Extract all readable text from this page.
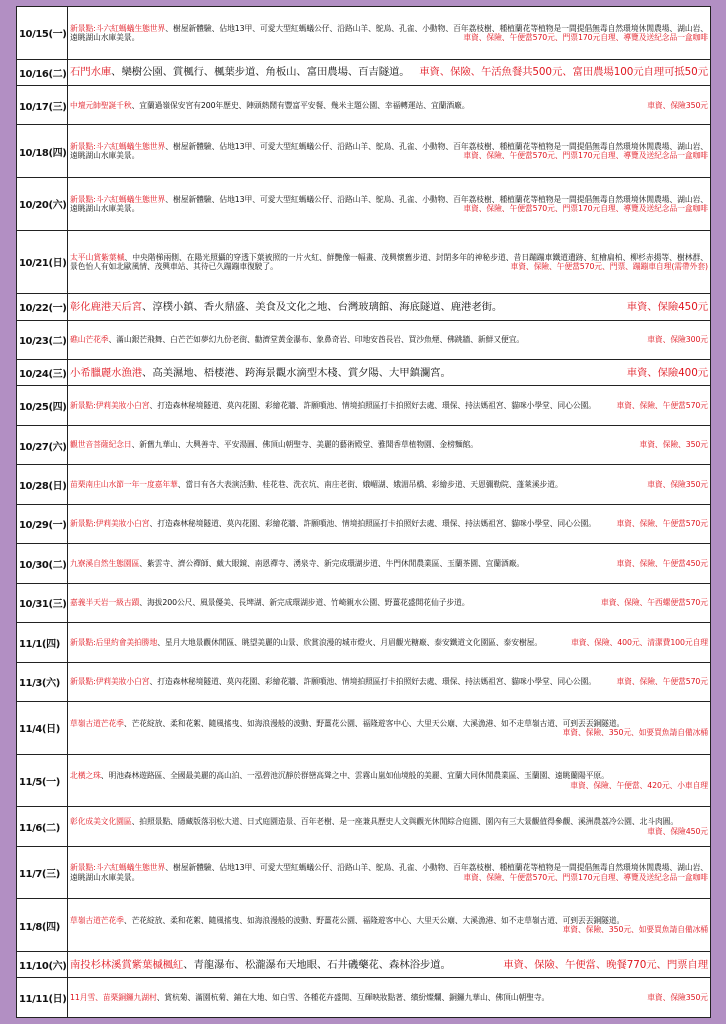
10/15(一)	新景點:斗六紅螞蟻生態世界、樹屋新體驗、佔地13甲、可愛大型紅螞蟻公仔、沿路山羊、鴕鳥、孔雀、小動物、百年荔枝樹、種植蘭花等植物是一間提倡無毒自然環境休閒農場、湖山岩、遠眺湖山水庫美景。 車資、保險、午便當570元、門票170元自理、導覽及送紀念品一盒咖啡

10/16(二)	石門水庫、欒樹公園、賞楓行、楓葉步道、角板山、富田農場、百吉隧道。 車資、保險、午活魚餐共500元、富田農場100元自理可抵50元

10/17(三)	中壇元帥聖誕千秋、宜蘭過嶺保安宮有200年歷史、陣頭熱鬧有豐富平安餐、幾米主題公園、幸福轉運站、宜蘭酒廠。 車資、保險350元

10/18(四)	新景點:斗六紅螞蟻生態世界、樹屋新體驗、佔地13甲、可愛大型紅螞蟻公仔、沿路山羊、鴕鳥、孔雀、小動物、百年荔枝樹、種植蘭花等植物是一間提倡無毒自然環境休閒農場、湖山岩、遠眺湖山水庫美景。 車資、保險、午便當570元、門票170元自理、導覽及送紀念品一盒咖啡

10/20(六)	新景點:斗六紅螞蟻生態世界、樹屋新體驗、佔地13甲、可愛大型紅螞蟻公仔、沿路山羊、鴕鳥、孔雀、小動物、百年荔枝樹、種植蘭花等植物是一間提倡無毒自然環境休閒農場、湖山岩、遠眺湖山水庫美景。 車資、保險、午便當570元、門票170元自理、導覽及送紀念品一盒咖啡

10/21(日)	太平山賞紫葉槭、中央階梯兩側、在陽光照攝的穿透下葉被照的一片火紅、鮮艷像一幅畫、茂興懷舊步道、封閉多年的神秘步道、昔日蹦蹦車鐵道遺跡、紅檜扁柏、柳杉赤揚等、樹林群、景色怡人有如北歐風情、茂興車站、其待已久蹦蹦車復駛了。 車資、保險、午便當570元、門票、蹦蹦車自理(需帶外套)

10/22(一)	彰化鹿港天后宮、淳樸小鎮、香火鼎盛、美食及文化之地、台灣玻璃館、海底隧道、鹿港老街。 車資、保險450元

10/23(二)	礁山芒花季、滿山銀芒飛舞、白芒芒如夢幻九份老街、勸濟堂黃金瀑布、象鼻奇岩、印地安酋長岩、買沙魚煙、佛跳牆、新鮮又便宜。 車資、保險300元

10/24(三)	小希臘麗水漁港、高美濕地、梧棲港、跨海景觀水滴型木棧、賞夕陽、大甲鎮瀾宮。 車資、保險400元

10/25(四)	新景點:伊莉美妝小白宮、打造森林秘境隧道、莫內花園、彩繪花牆、許願噴池、情境拍照區打卡拍照好去處、環保、持法媽祖宮、貓咪小學堂、同心公園。 車資、保險、午便當570元

10/27(六)	觀世音菩薩紀念日、新舊九華山、大興善寺、平安湯圓、佛頂山朝聖寺、美麗的藝術殿堂、雅聞香草植物園、金榜麵館。 車資、保險、350元

10/28(日)	苗栗南庄山水節一年一度嘉年華、當日有各大表演活動、桂花巷、洗衣坑、南庄老街、娥嵋湖、娥湄吊橋、彩繪步道、天恩彌勒院、蓬萊溪步道。 車資、保險350元

10/29(一)	新景點:伊莉美妝小白宮、打造森林秘境隧道、莫內花園、彩繪花牆、許願噴池、情境拍照區打卡拍照好去處、環保、持法媽祖宮、貓咪小學堂、同心公園。 車資、保險、午便當570元

10/30(二)	九寮溪自然生態園區、紫雲寺、濟公禪師、戴大眼鏡、南恩禪寺、湧泉寺、新完成環湖步道、牛門休閒農業區、玉蘭茶園、宜蘭酒廠。 車資、保險、午便當450元

10/31(三)	嘉義半天岩一級古蹟、海拔200公尺、風景優美、長埤湖、新完成環湖步道、竹崎親水公園、野薑花盛開花仙子步道。 車資、保險、午西螺便當570元

11/1(四)	新景點:后里約會美拍勝地、星月大地景觀休閒區、眺望美麗的山景、欣賞浪漫的城市燈火、月眉觀光糖廠、泰安鐵道文化園區、泰安樹屋。 車資、保險、400元、清潔費100元自理

11/3(六)	新景點:伊莉美妝小白宮、打造森林秘境隧道、莫內花園、彩繪花牆、許願噴池、情境拍照區打卡拍照好去處、環保、持法媽祖宮、貓咪小學堂、同心公園。 車資、保險、午便當570元

11/4(日)	草嶺古道芒花季、芒花綻放、柔和花絮、隨風搖曳、如海浪漫般的波動、野薑花公園、福隆遊客中心、大里天公廟、大溪漁港、如不走草嶺古道、可到丟丟銅隧道。
車資、保險、350元、如要買魚請自備冰桶

11/5(一)	北橫之珠、明池森林遊路區、全國最美麗的高山泊、一泓碧池沉靜於群巒高聳之中、雲霧山嵐如仙境般的美麗、宜蘭大同休閒農業區、玉蘭園、遠眺蘭陽平原。
車資、保險、午便當、420元、小車自理

11/6(二)	彰化成美文化園區、拍照景點、隱藏版落羽松大道、日式庭園造景、百年老樹、是一座兼具歷史人文與觀光休閒綜合庭園、園內有三大景觀值得參觀、溪洲農荔冷公園、北斗肉圓。
車資、保險450元

11/7(三)	新景點:斗六紅螞蟻生態世界、樹屋新體驗、佔地13甲、可愛大型紅螞蟻公仔、沿路山羊、鴕鳥、孔雀、小動物、百年荔枝樹、種植蘭花等植物是一間提倡無毒自然環境休閒農場、湖山岩、遠眺湖山水庫美景。 車資、保險、午便當570元、門票170元自理、導覽及送紀念品一盒咖啡

11/8(四)	草嶺古道芒花季、芒花綻放、柔和花絮、隨風搖曳、如海浪漫般的波動、野薑花公園、福隆遊客中心、大里天公廟、大溪漁港、如不走草嶺古道、可到丟丟銅隧道。
車資、保險、350元、如要買魚請自備冰桶

11/10(六)	南投杉林溪賞紫葉槭楓紅、青龍瀑布、松瀧瀑布天地眼、石井磯藥花、森林浴步道。 車資、保險、午便當、晚餐770元、門票自理

11/11(日)	11月雪、苗栗銅鑼九湖村、賞杭菊、滿園杭菊、鋪在大地、如白雪、各種花卉盛開、互輝映妝點著、繽紛燦爛、銅鑼九華山、佛頂山朝聖寺。 車資、保險350元
